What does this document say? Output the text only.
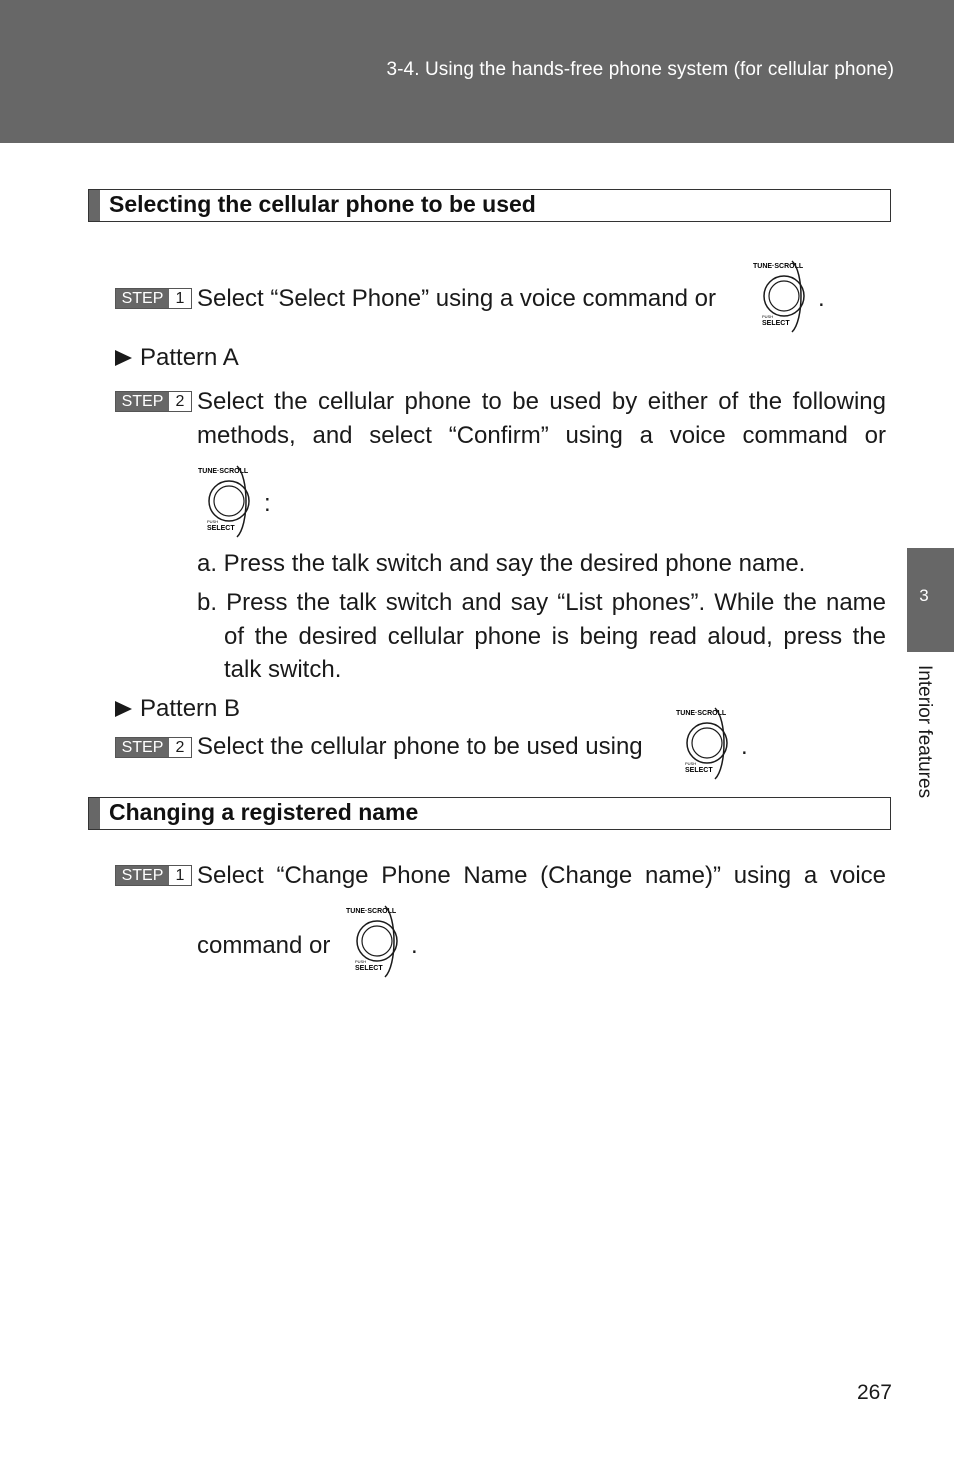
3-4. Using the hands-free phone system (for cellular phone)
3
Interior features
Selecting the cellular phone to be used
STEP 1 Select “Select Phone” using a voice command or
TUNE·SCROLL
PUSH
SELECT
.
Pattern A
STEP 2 Select the cellular phone to be used by either of the following
methods, and select “Confirm” using a voice command or
TUNE·SCROLL
PUSH
SELECT
:
a. Press the talk switch and say the desired phone name.
b. Press the talk switch and say “List phones”. While the name
of the desired cellular phone is being read aloud, press the
talk switch.
Pattern B
STEP 2 Select the cellular phone to be used using
TUNE·SCROLL
PUSH
SELECT
.
Changing a registered name
STEP 1 Select “Change Phone Name (Change name)” using a voice
command or
TUNE·SCROLL
PUSH
SELECT
.
267
